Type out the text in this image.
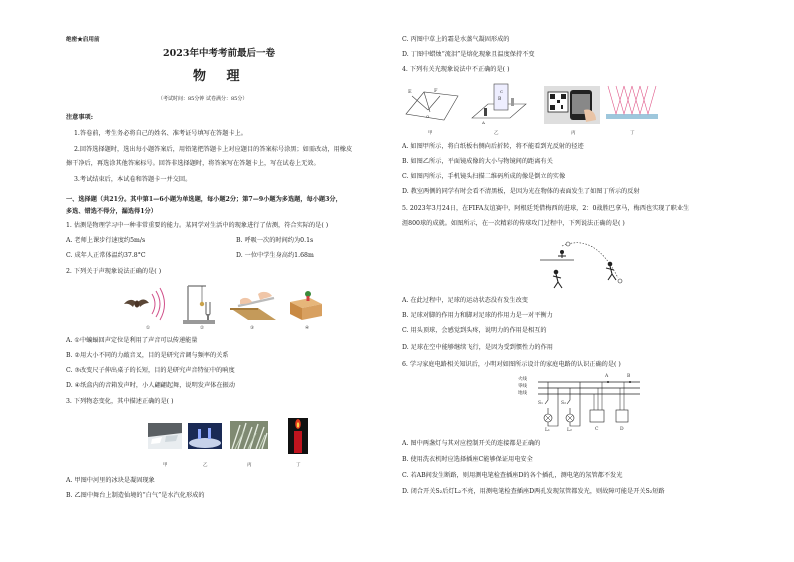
绝密★启用前
2023年中考考前最后一卷
物 理
（考试时间：85分钟 试卷满分：85分）
注意事项:
1.答卷前，考生务必将自己的姓名、准考证号填写在答题卡上。
2.回答选择题时，选出每小题答案后，用铅笔把答题卡上对应题目的答案标号涂黑；如需改动，用橡皮
擦干净后，再选涂其他答案标号。回答非选择题时，将答案写在答题卡上，写在试卷上无效。
3.考试结束后，本试卷和答题卡一并交回。
一、选择题（共21分。其中第1—6小题为单选题，每小题2分；第7—9小题为多选题，每小题3分，
多选、错选不得分，漏选得1分）
1. 估测是物理学习中一种非常重要的能力。某同学对生活中的现象进行了估测，符合实际的是( )
A. 老师上课步行速度约5m/s	B. 呼吸一次的时间约为0.1s
C. 成年人正常体温约37.8°C	D. 一位中学生身高约1.68m
2. 下列关于声现象说法正确的是( )
①	②	③	④
A. ①中蝙蝠回声定位是利用了声音可以传递能量
B. ②用大小不同的力敲音叉，目的是研究音调与频率的关系
C. ③改变尺子伸出桌子的长短，目的是研究声音特征中的响度
D. ④纸盒内的音箱发声时，小人翩翩起舞，说明发声体在振动
3. 下列物态变化，其中描述正确的是( )
甲	乙	丙	丁
A. 甲图中河里的冰块是凝固现象
B. 乙图中舞台上制造仙境的“白气”是水汽化形成的
C. 丙图中草上的霜是水蒸气凝固形成的
D. 丁图中蜡烛“流泪”是熔化现象且温度保持不变
4. 下列有关光现象说法中不正确的是( )
E	F
O
B
C
A
甲	乙	丙	丁
A. 如图甲所示，将白纸板右侧向后折转，将不能看到光反射的径迹
B. 如图乙所示，平面镜成像的大小与物镜间的距离有关
C. 如图丙所示，手机镜头扫描二维码所成的像是倒立的实像
D. 教室两侧的同学有时会看不清黑板，是因为光在物体的表面发生了如图丁所示的反射
5. 2023年3月24日，在FIFA友谊赛中，阿根廷凭借梅西的进球，2：0战胜巴拿马，梅西也实现了职业生
涯800球的成就。如图所示，在一次精彩的传球攻门过程中，下列说法正确的是( )
A. 在此过程中，足球的运动状态没有发生改变
B. 足球对脚的作用力和脚对足球的作用力是一对平衡力
C. 用头顶球，会感觉到头疼，说明力的作用是相互的
D. 足球在空中能够继续飞行，是因为受到惯性力的作用
6. 学习家庭电路相关知识后，小明对如图所示设计的家庭电路的认识正确的是( )
火线
零线
地线
A	B
S₁	S₂
L₁	L₂	C	D
A. 图中两盏灯与其对应控制开关的连接都是正确的
B. 使用洗衣机时应选择插座C能够保证用电安全
C. 若AB间发生断路，则用测电笔检查插座D的各个插孔，测电笔的氖管都不发光
D. 闭合开关S₂后灯L₂不亮，用测电笔检查插座D两孔发现氖管都发光，则故障可能是开关S₂短路
